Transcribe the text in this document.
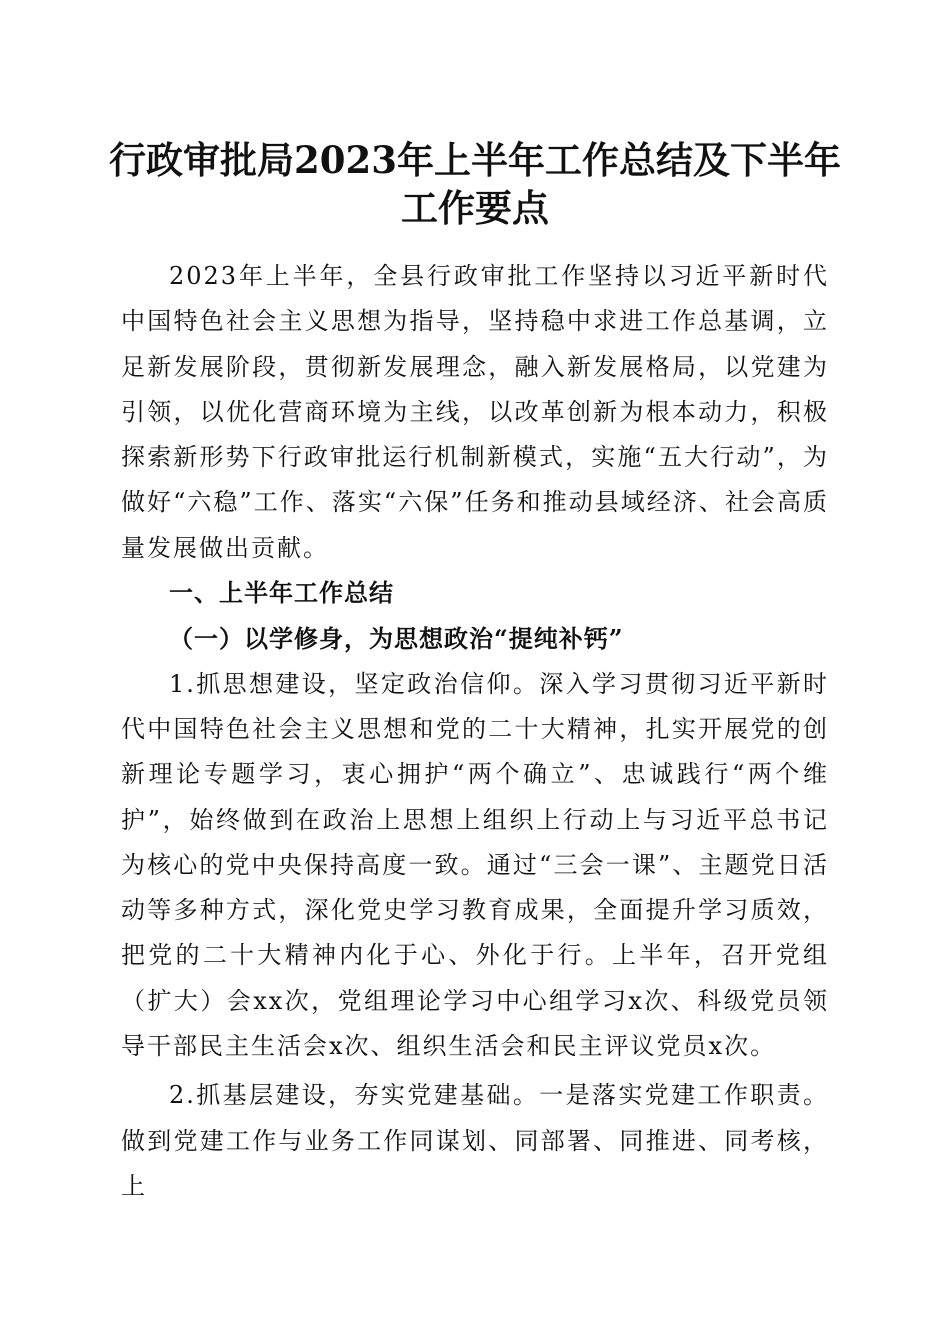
行政审批局2023年上半年工作总结及下半年
工作要点

2023年上半年，全县行政审批工作坚持以习近平新时代中国特色社会主义思想为指导，坚持稳中求进工作总基调，立足新发展阶段，贯彻新发展理念，融入新发展格局，以党建为引领，以优化营商环境为主线，以改革创新为根本动力，积极探索新形势下行政审批运行机制新模式，实施“五大行动”，为做好“六稳”工作、落实“六保”任务和推动县域经济、社会高质量发展做出贡献。

一、上半年工作总结

（一）以学修身，为思想政治“提纯补钙”

1.抓思想建设，坚定政治信仰。深入学习贯彻习近平新时代中国特色社会主义思想和党的二十大精神，扎实开展党的创新理论专题学习，衷心拥护“两个确立”、忠诚践行“两个维护”，始终做到在政治上思想上组织上行动上与习近平总书记为核心的党中央保持高度一致。通过“三会一课”、主题党日活动等多种方式，深化党史学习教育成果，全面提升学习质效，把党的二十大精神内化于心、外化于行。上半年，召开党组（扩大）会xx次，党组理论学习中心组学习x次、科级党员领导干部民主生活会x次、组织生活会和民主评议党员x次。

2.抓基层建设，夯实党建基础。一是落实党建工作职责。做到党建工作与业务工作同谋划、同部署、同推进、同考核，上
